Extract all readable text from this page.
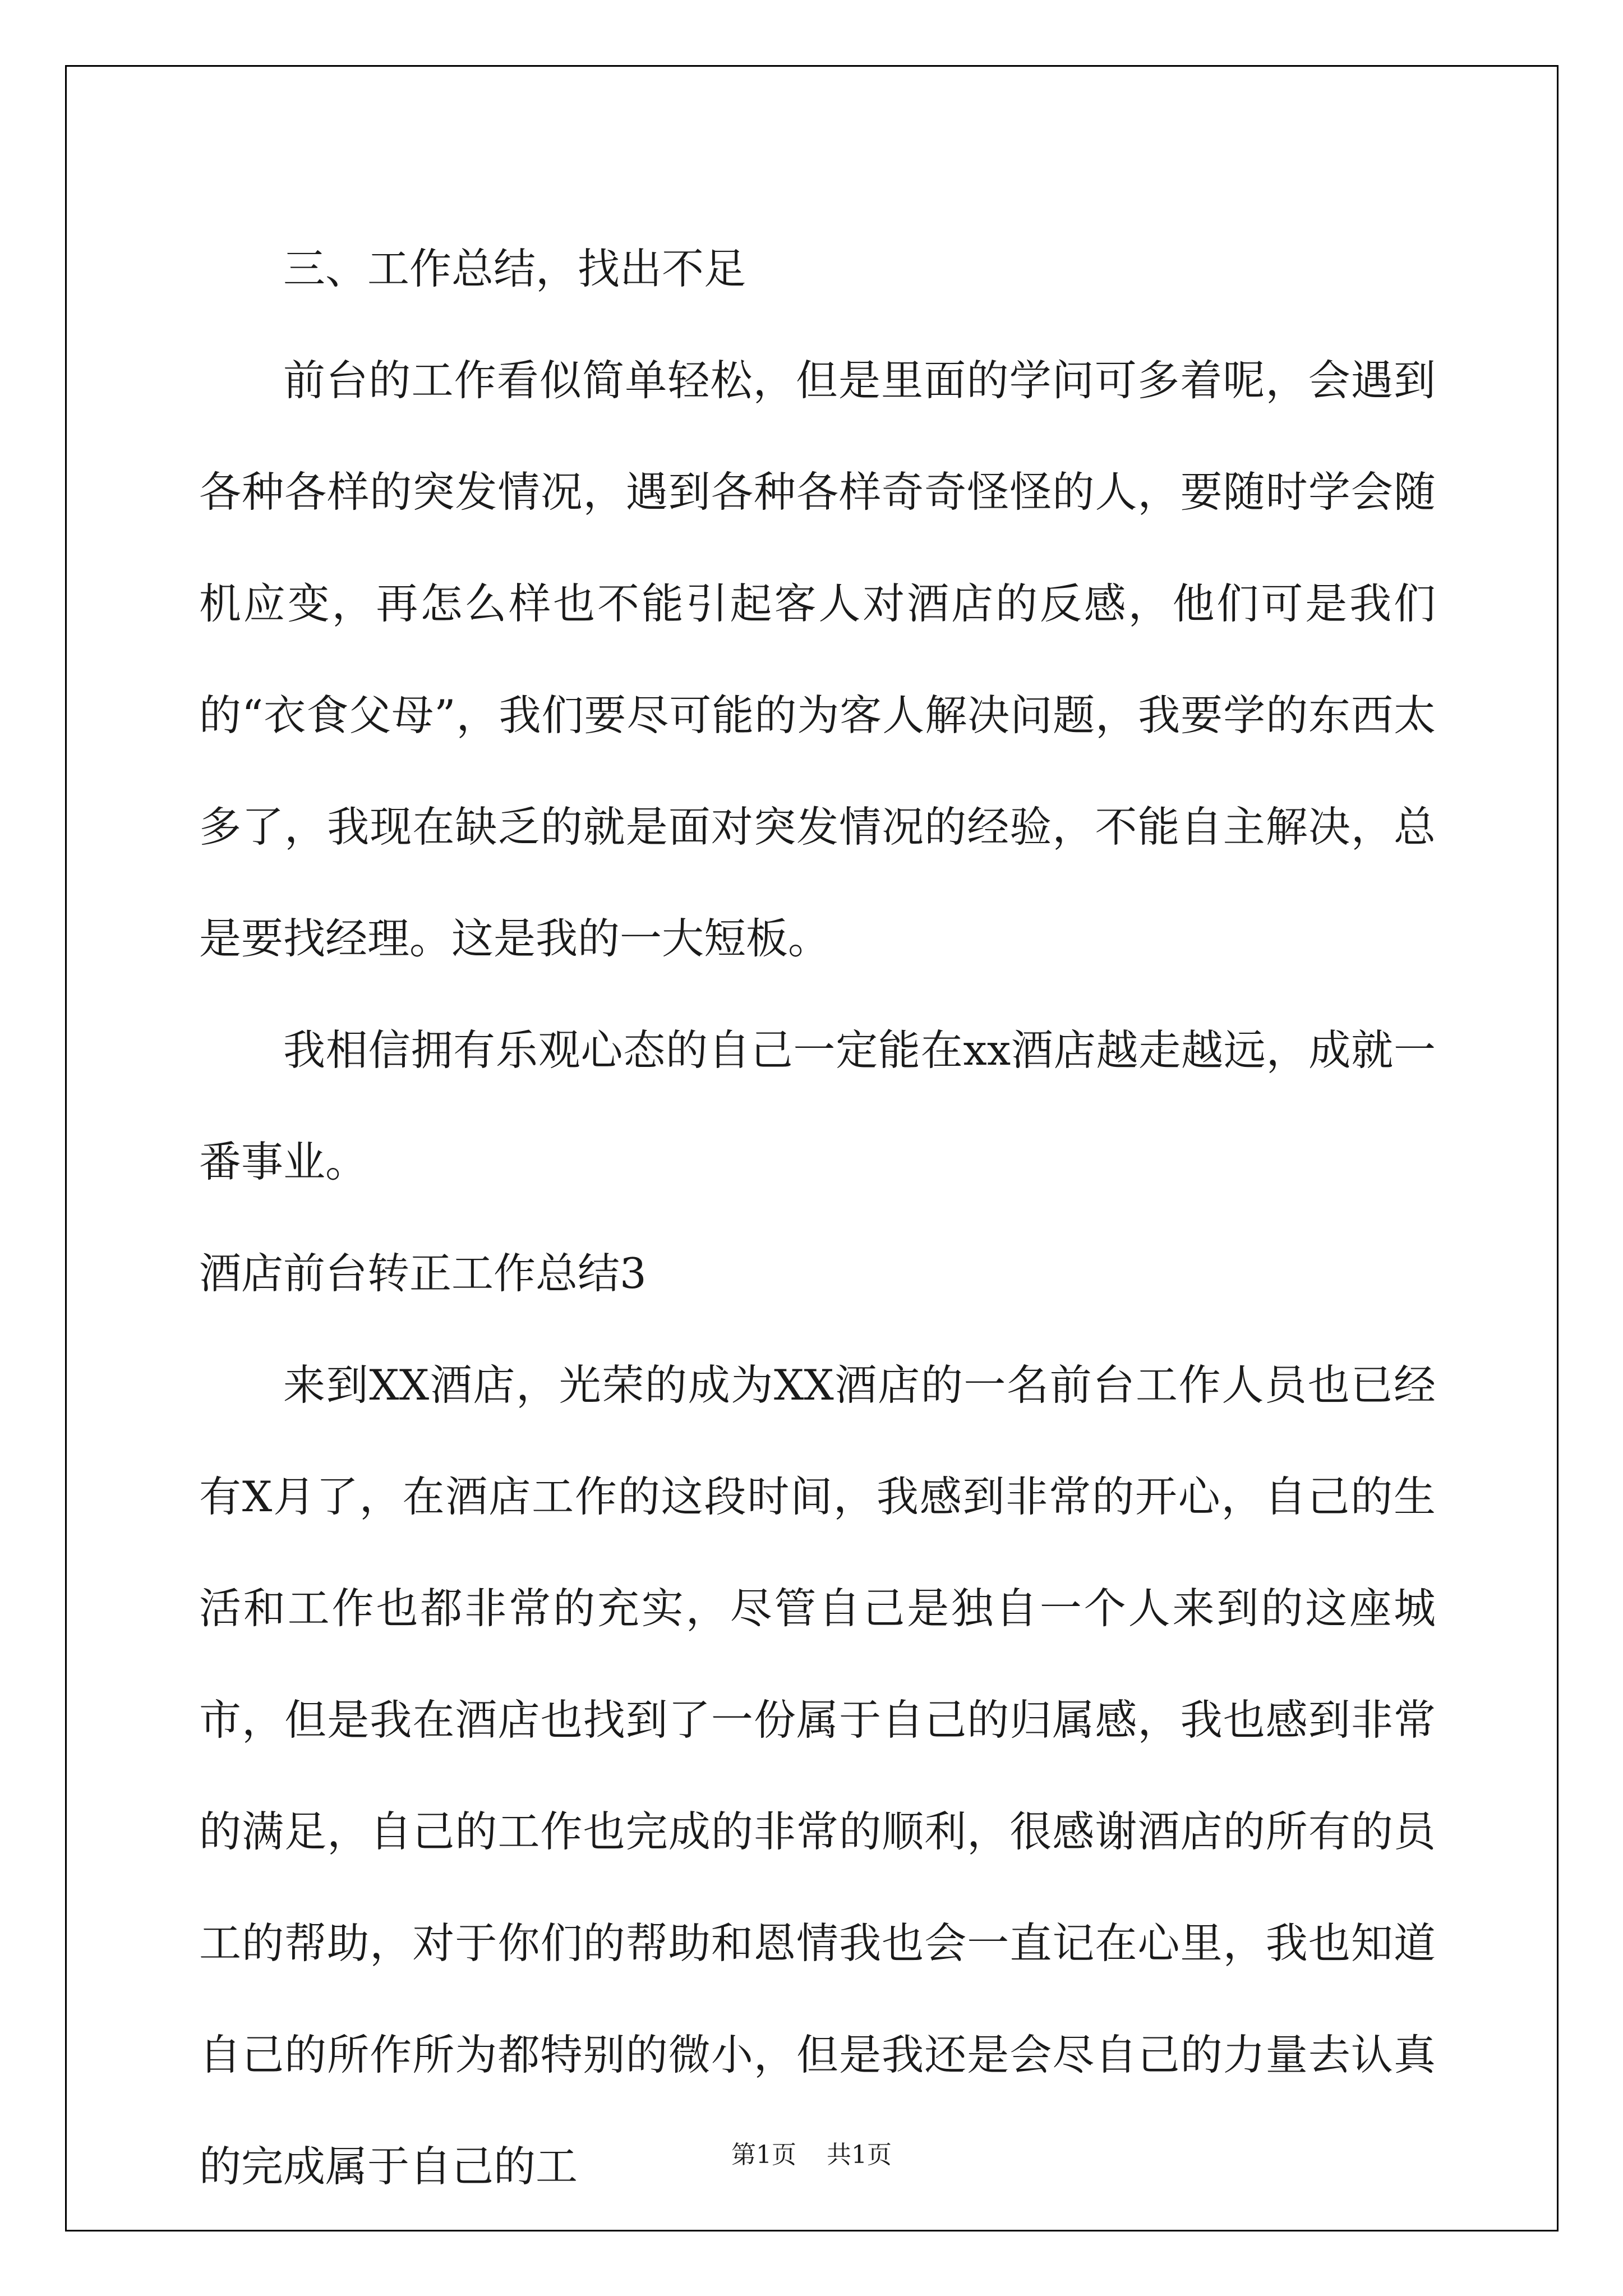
三、工作总结，找出不足

前台的工作看似简单轻松，但是里面的学问可多着呢，会遇到各种各样的突发情况，遇到各种各样奇奇怪怪的人，要随时学会随机应变，再怎么样也不能引起客人对酒店的反感，他们可是我们的“衣食父母”，我们要尽可能的为客人解决问题，我要学的东西太多了，我现在缺乏的就是面对突发情况的经验，不能自主解决，总是要找经理。这是我的一大短板。

我相信拥有乐观心态的自己一定能在xx酒店越走越远，成就一番事业。

酒店前台转正工作总结3

来到XX酒店，光荣的成为XX酒店的一名前台工作人员也已经有X月了，在酒店工作的这段时间，我感到非常的开心，自己的生活和工作也都非常的充实，尽管自己是独自一个人来到的这座城市，但是我在酒店也找到了一份属于自己的归属感，我也感到非常的满足，自己的工作也完成的非常的顺利，很感谢酒店的所有的员工的帮助，对于你们的帮助和恩情我也会一直记在心里，我也知道自己的所作所为都特别的微小，但是我还是会尽自己的力量去认真的完成属于自己的工	第1页 共1页
